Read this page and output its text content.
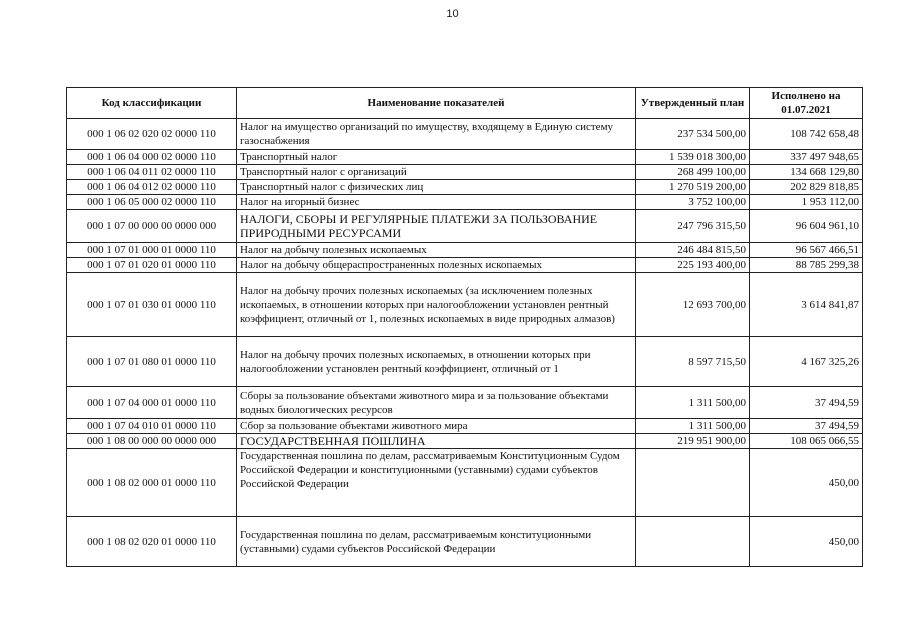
10
Код классификации	Наименование показателей	Утвержденный план	Исполнено на 01.07.2021
000 1 06 02 020 02 0000 110	Налог на имущество организаций по имуществу, входящему в Единую систему газоснабжения	237 534 500,00	108 742 658,48
000 1 06 04 000 02 0000 110	Транспортный налог	1 539 018 300,00	337 497 948,65
000 1 06 04 011 02 0000 110	Транспортный налог с организаций	268 499 100,00	134 668 129,80
000 1 06 04 012 02 0000 110	Транспортный налог с физических лиц	1 270 519 200,00	202 829 818,85
000 1 06 05 000 02 0000 110	Налог на игорный бизнес	3 752 100,00	1 953 112,00
000 1 07 00 000 00 0000 000	НАЛОГИ, СБОРЫ И РЕГУЛЯРНЫЕ ПЛАТЕЖИ ЗА ПОЛЬЗОВАНИЕ ПРИРОДНЫМИ РЕСУРСАМИ	247 796 315,50	96 604 961,10
000 1 07 01 000 01 0000 110	Налог на добычу полезных ископаемых	246 484 815,50	96 567 466,51
000 1 07 01 020 01 0000 110	Налог на добычу общераспространенных полезных ископаемых	225 193 400,00	88 785 299,38
000 1 07 01 030 01 0000 110	Налог на добычу прочих полезных ископаемых (за исключением полезных ископаемых, в отношении которых при налогообложении установлен рентный коэффициент, отличный от 1, полезных ископаемых в виде природных алмазов)	12 693 700,00	3 614 841,87
000 1 07 01 080 01 0000 110	Налог на добычу прочих полезных ископаемых, в отношении которых при налогообложении установлен рентный коэффициент, отличный от 1	8 597 715,50	4 167 325,26
000 1 07 04 000 01 0000 110	Сборы за пользование объектами животного мира и за пользование объектами водных биологических ресурсов	1 311 500,00	37 494,59
000 1 07 04 010 01 0000 110	Сбор за пользование объектами животного мира	1 311 500,00	37 494,59
000 1 08 00 000 00 0000 000	ГОСУДАРСТВЕННАЯ ПОШЛИНА	219 951 900,00	108 065 066,55
000 1 08 02 000 01 0000 110	Государственная пошлина по делам, рассматриваемым Конституционным Судом Российской Федерации и конституционными (уставными) судами субъектов Российской Федерации		450,00
000 1 08 02 020 01 0000 110	Государственная пошлина по делам, рассматриваемым конституционными (уставными) судами субъектов Российской Федерации		450,00
